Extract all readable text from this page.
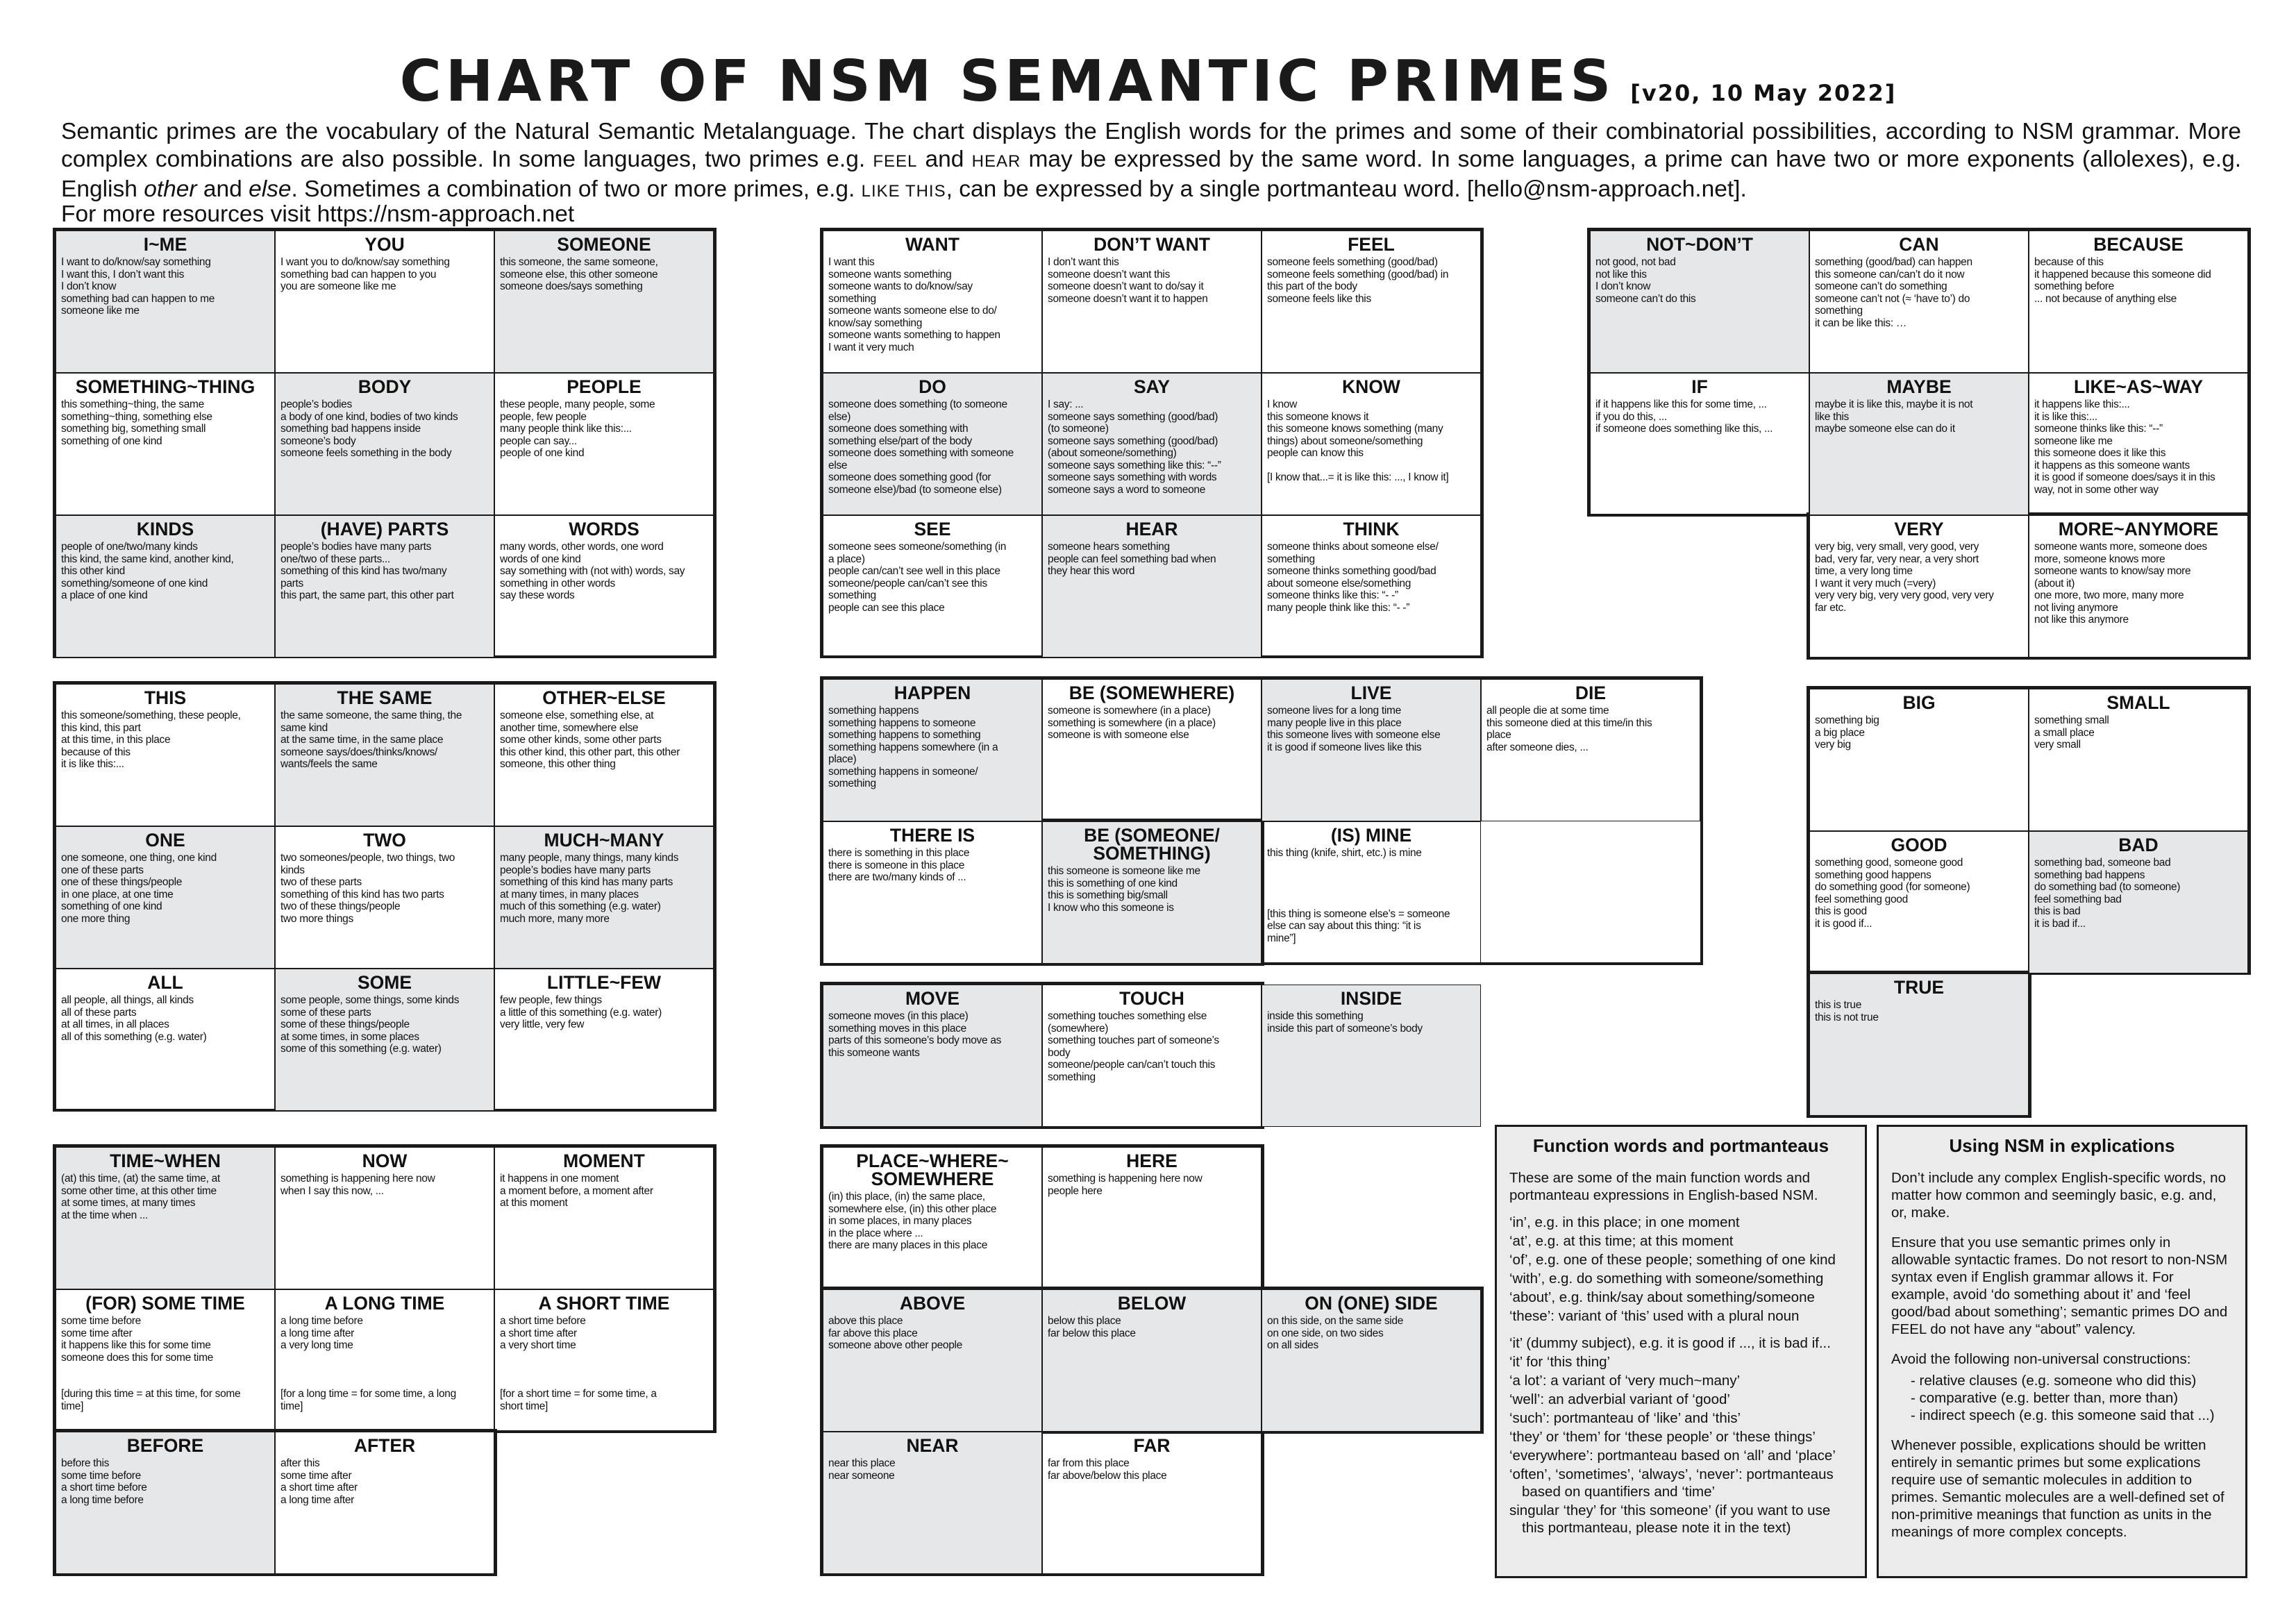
CHART OF NSM SEMANTIC PRIMES [v20, 10 May 2022]
Semantic primes are the vocabulary of the Natural Semantic Metalanguage. The chart displays the English words for the primes and some of their combinatorial possibilities, according to NSM grammar. More complex combinations are also possible. In some languages, two primes e.g. FEEL and HEAR may be expressed by the same word. In some languages, a prime can have two or more exponents (allolexes), e.g. English other and else. Sometimes a combination of two or more primes, e.g. LIKE THIS, can be expressed by a single portmanteau word. [hello@nsm-approach.net].
For more resources visit https://nsm-approach.net
I~ME
I want to do/know/say something
I want this, I don’t want this
I don’t know
something bad can happen to me
someone like me
YOU
I want you to do/know/say something
something bad can happen to you
you are someone like me
SOMEONE
this someone, the same someone,
someone else, this other someone
someone does/says something
SOMETHING~THING
this something~thing, the same
something~thing, something else
something big, something small
something of one kind
BODY
people’s bodies
a body of one kind, bodies of two kinds
something bad happens inside
someone’s body
someone feels something in the body
PEOPLE
these people, many people, some
people, few people
many people think like this:...
people can say...
people of one kind
KINDS
people of one/two/many kinds
this kind, the same kind, another kind,
this other kind
something/someone of one kind
a place of one kind
(HAVE) PARTS
people’s bodies have many parts
one/two of these parts...
something of this kind has two/many
parts
this part, the same part, this other part
WORDS
many words, other words, one word
words of one kind
say something with (not with) words, say
something in other words
say these words
WANT
I want this
someone wants something
someone wants to do/know/say
something
someone wants someone else to do/
know/say something
someone wants something to happen
I want it very much
DON’T WANT
I don’t want this
someone doesn’t want this
someone doesn’t want to do/say it
someone doesn’t want it to happen
FEEL
someone feels something (good/bad)
someone feels something (good/bad) in
this part of the body
someone feels like this
DO
someone does something (to someone
else)
someone does something with
something else/part of the body
someone does something with someone
else
someone does something good (for
someone else)/bad (to someone else)
SAY
I say: ...
someone says something (good/bad)
(to someone)
someone says something (good/bad)
(about someone/something)
someone says something like this: “--”
someone says something with words
someone says a word to someone
KNOW
I know
this someone knows it
this someone knows something (many
things) about someone/something
people can know this

[I know that...= it is like this: ..., I know it]
SEE
someone sees someone/something (in
a place)
people can/can’t see well in this place
someone/people can/can’t see this
something
people can see this place
HEAR
someone hears something
people can feel something bad when
they hear this word
THINK
someone thinks about someone else/
something
someone thinks something good/bad
about someone else/something
someone thinks like this: “- -”
many people think like this: “- -”
NOT~DON’T
not good, not bad
not like this
I don’t know
someone can’t do this
CAN
something (good/bad) can happen
this someone can/can’t do it now
someone can’t do something
someone can’t not (≈ ‘have to’) do
something
it can be like this: …
BECAUSE
because of this
it happened because this someone did
something before
... not because of anything else
IF
if it happens like this for some time, ...
if you do this, ...
if someone does something like this, ...
MAYBE
maybe it is like this, maybe it is not
like this
maybe someone else can do it
LIKE~AS~WAY
it happens like this:...
it is like this:...
someone thinks like this: “--”
someone like me
this someone does it like this
it happens as this someone wants
it is good if someone does/says it in this
way, not in some other way
VERY
very big, very small, very good, very
bad, very far, very near, a very short
time, a very long time
I want it very much (=very)
very very big, very very good, very very
far etc.
MORE~ANYMORE
someone wants more, someone does
more, someone knows more
someone wants to know/say more
(about it)
one more, two more, many more
not living anymore
not like this anymore
THIS
this someone/something, these people,
this kind, this part
at this time, in this place
because of this
it is like this:...
THE SAME
the same someone, the same thing, the
same kind
at the same time, in the same place
someone says/does/thinks/knows/
wants/feels the same
OTHER~ELSE
someone else, something else, at
another time, somewhere else
some other kinds, some other parts
this other kind, this other part, this other
someone, this other thing
ONE
one someone, one thing, one kind
one of these parts
one of these things/people
in one place, at one time
something of one kind
one more thing
TWO
two someones/people, two things, two
kinds
two of these parts
something of this kind has two parts
two of these things/people
two more things
MUCH~MANY
many people, many things, many kinds
people’s bodies have many parts
something of this kind has many parts
at many times, in many places
much of this something (e.g. water)
much more, many more
ALL
all people, all things, all kinds
all of these parts
at all times, in all places
all of this something (e.g. water)
SOME
some people, some things, some kinds
some of these parts
some of these things/people
at some times, in some places
some of this something (e.g. water)
LITTLE~FEW
few people, few things
a little of this something (e.g. water)
very little, very few
HAPPEN
something happens
something happens to someone
something happens to something
something happens somewhere (in a
place)
something happens in someone/
something
BE (SOMEWHERE)
someone is somewhere (in a place)
something is somewhere (in a place)
someone is with someone else
LIVE
someone lives for a long time
many people live in this place
this someone lives with someone else
it is good if someone lives like this
DIE
all people die at some time
this someone died at this time/in this
place
after someone dies, ...
THERE IS
there is something in this place
there is someone in this place
there are two/many kinds of ...
BE (SOMEONE/ SOMETHING)
this someone is someone like me
this is something of one kind
this is something big/small
I know who this someone is
(IS) MINE
this thing (knife, shirt, etc.) is mine

[this thing is someone else’s = someone
else can say about this thing: “it is
mine”]
BIG
something big
a big place
very big
SMALL
something small
a small place
very small
GOOD
something good, someone good
something good happens
do something good (for someone)
feel something good
this is good
it is good if...
BAD
something bad, someone bad
something bad happens
do something bad (to someone)
feel something bad
this is bad
it is bad if...
TRUE
this is true
this is not true
MOVE
someone moves (in this place)
something moves in this place
parts of this someone’s body move as
this someone wants
TOUCH
something touches something else
(somewhere)
something touches part of someone’s
body
someone/people can/can’t touch this
something
INSIDE
inside this something
inside this part of someone’s body
TIME~WHEN
(at) this time, (at) the same time, at
some other time, at this other time
at some times, at many times
at the time when ...
NOW
something is happening here now
when I say this now, ...
MOMENT
it happens in one moment
a moment before, a moment after
at this moment
(FOR) SOME TIME
some time before
some time after
it happens like this for some time
someone does this for some time

[during this time = at this time, for some
time]
A LONG TIME
a long time before
a long time after
a very long time

[for a long time = for some time, a long
time]
A SHORT TIME
a short time before
a short time after
a very short time

[for a short time = for some time, a
short time]
BEFORE
before this
some time before
a short time before
a long time before
AFTER
after this
some time after
a short time after
a long time after
PLACE~WHERE~ SOMEWHERE
(in) this place, (in) the same place,
somewhere else, (in) this other place
in some places, in many places
in the place where ...
there are many places in this place
HERE
something is happening here now
people here
ABOVE
above this place
far above this place
someone above other people
BELOW
below this place
far below this place
ON (ONE) SIDE
on this side, on the same side
on one side, on two sides
on all sides
NEAR
near this place
near someone
FAR
far from this place
far above/below this place
Function words and portmanteaus
These are some of the main function words and portmanteau expressions in English-based NSM.
‘in’, e.g. in this place; in one moment
‘at’, e.g. at this time; at this moment
‘of’, e.g. one of these people; something of one kind
‘with’, e.g. do something with someone/something
‘about’, e.g. think/say about something/someone
‘these’: variant of ‘this’ used with a plural noun
‘it’ (dummy subject), e.g. it is good if ..., it is bad if...
‘it’ for ‘this thing’
‘a lot’: a variant of ‘very much~many’
‘well’: an adverbial variant of ‘good’
‘such’: portmanteau of ‘like’ and ‘this’
‘they’ or ‘them’ for ‘these people’ or ‘these things’
‘everywhere’: portmanteau based on ‘all’ and ‘place’
‘often’, ‘sometimes’, ‘always’, ‘never’: portmanteaus based on quantifiers and ‘time’
singular ‘they’ for ‘this someone’ (if you want to use this portmanteau, please note it in the text)
Using NSM in explications
Don’t include any complex English-specific words, no matter how common and seemingly basic, e.g. and, or, make.
Ensure that you use semantic primes only in allowable syntactic frames. Do not resort to non-NSM syntax even if English grammar allows it. For example, avoid ‘do something about it’ and ‘feel good/bad about something’; semantic primes DO and FEEL do not have any “about” valency.
Avoid the following non-universal constructions:
- relative clauses (e.g. someone who did this)
- comparative (e.g. better than, more than)
- indirect speech (e.g. this someone said that ...)
Whenever possible, explications should be written entirely in semantic primes but some explications require use of semantic molecules in addition to primes. Semantic molecules are a well-defined set of non-primitive meanings that function as units in the meanings of more complex concepts.
